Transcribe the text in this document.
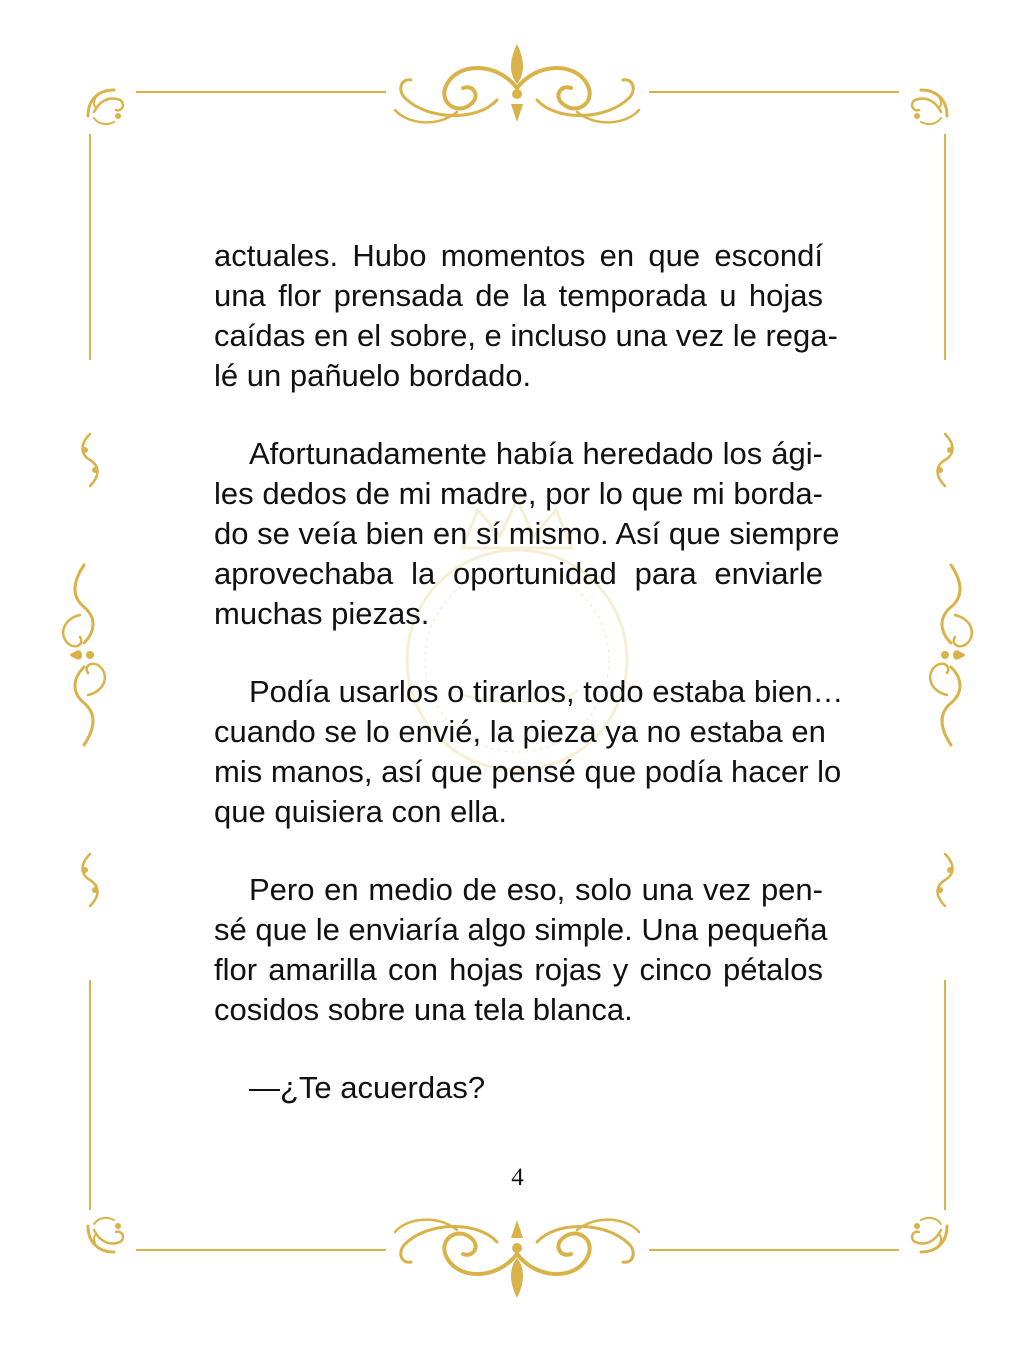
actuales. Hubo momentos en que escondí
una flor prensada de la temporada u hojas
caídas en el sobre, e incluso una vez le rega-
lé un pañuelo bordado.

Afortunadamente había heredado los ági-
les dedos de mi madre, por lo que mi borda-
do se veía bien en sí mismo. Así que siempre
aprovechaba la oportunidad para enviarle
muchas piezas.

Podía usarlos o tirarlos, todo estaba bien…
cuando se lo envié, la pieza ya no estaba en
mis manos, así que pensé que podía hacer lo
que quisiera con ella.

Pero en medio de eso, solo una vez pen-
sé que le enviaría algo simple. Una pequeña
flor amarilla con hojas rojas y cinco pétalos
cosidos sobre una tela blanca.

—¿Te acuerdas?

4
